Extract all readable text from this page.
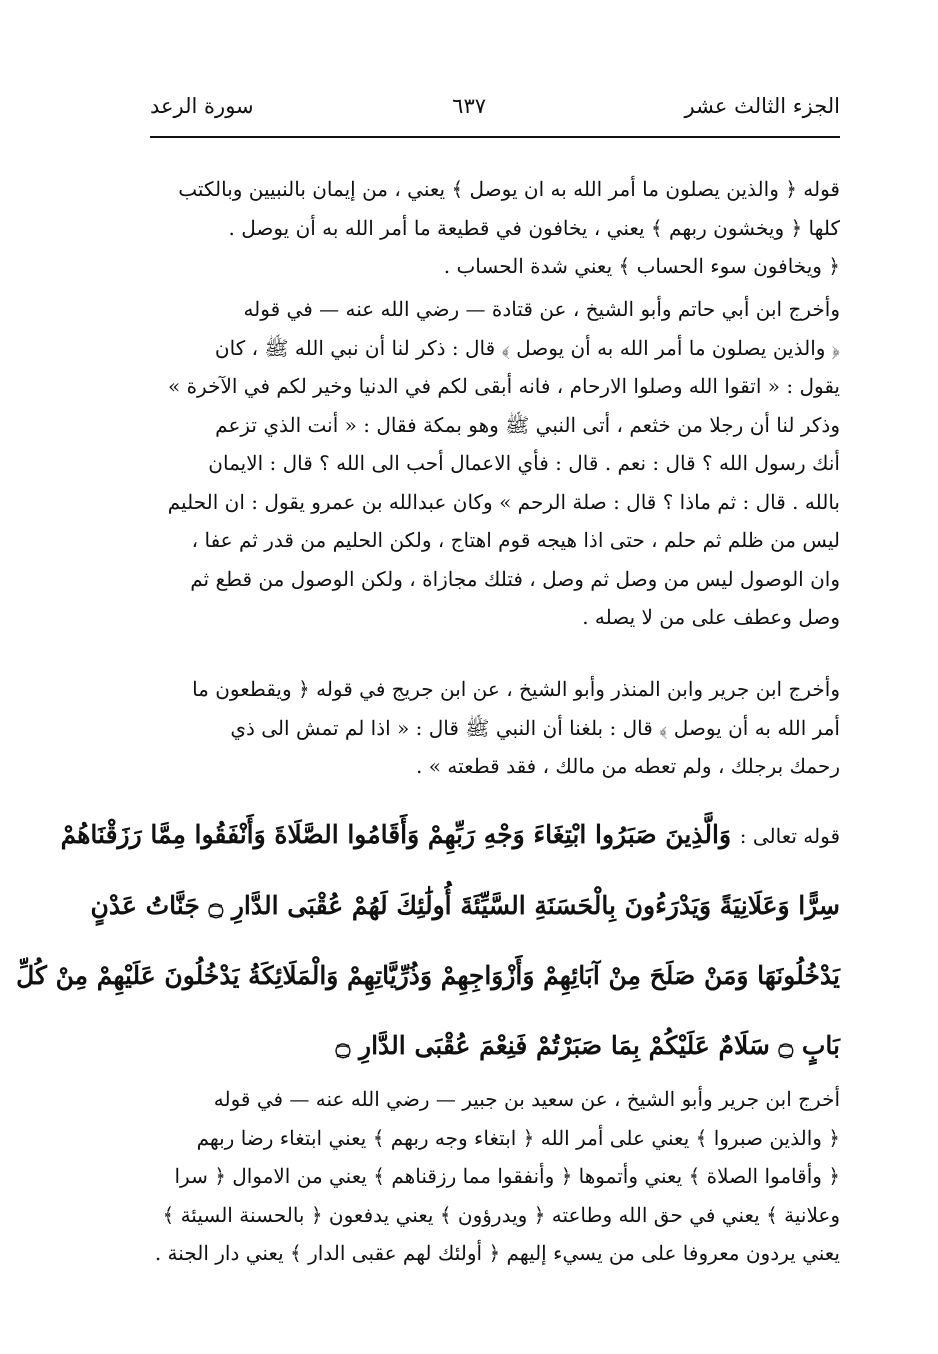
الجزء الثالث عشر
٦٣٧
سورة الرعد

قوله ﴿ والذين يصلون ما أمر الله به ان يوصل ﴾ يعني ، من إيمان بالنبيين وبالكتب
كلها ﴿ ويخشون ربهم ﴾ يعني ، يخافون في قطيعة ما أمر الله به أن يوصل .
﴿ ويخافون سوء الحساب ﴾ يعني شدة الحساب .

وأخرج ابن أبي حاتم وأبو الشيخ ، عن قتادة — رضي الله عنه — في قوله
﴿ والذين يصلون ما أمر الله به أن يوصل ﴾ قال : ذكر لنا أن نبي الله ﷺ ، كان
يقول : « اتقوا الله وصلوا الارحام ، فانه أبقى لكم في الدنيا وخير لكم في الآخرة »
وذكر لنا أن رجلا من خثعم ، أتى النبي ﷺ وهو بمكة فقال : « أنت الذي تزعم
أنك رسول الله ؟ قال : نعم . قال : فأي الاعمال أحب الى الله ؟ قال : الايمان
بالله . قال : ثم ماذا ؟ قال : صلة الرحم » وكان عبدالله بن عمرو يقول : ان الحليم
ليس من ظلم ثم حلم ، حتى اذا هيجه قوم اهتاج ، ولكن الحليم من قدر ثم عفا ،
وان الوصول ليس من وصل ثم وصل ، فتلك مجازاة ، ولكن الوصول من قطع ثم
وصل وعطف على من لا يصله .

وأخرج ابن جرير وابن المنذر وأبو الشيخ ، عن ابن جريج في قوله ﴿ ويقطعون ما
أمر الله به أن يوصل ﴾ قال : بلغنا أن النبي ﷺ قال : « اذا لم تمش الى ذي
رحمك برجلك ، ولم تعطه من مالك ، فقد قطعته » .

قوله تعالى : وَالَّذِينَ صَبَرُوا ابْتِغَاءَ وَجْهِ رَبِّهِمْ وَأَقَامُوا الصَّلَاةَ وَأَنْفَقُوا مِمَّا رَزَقْنَاهُمْ
سِرًّا وَعَلَانِيَةً وَيَدْرَءُونَ بِالْحَسَنَةِ السَّيِّئَةَ أُولَٰئِكَ لَهُمْ عُقْبَى الدَّارِ ۝ جَنَّاتُ عَدْنٍ
يَدْخُلُونَهَا وَمَنْ صَلَحَ مِنْ آبَائِهِمْ وَأَزْوَاجِهِمْ وَذُرِّيَّاتِهِمْ وَالْمَلَائِكَةُ يَدْخُلُونَ عَلَيْهِمْ مِنْ كُلِّ
بَابٍ ۝ سَلَامٌ عَلَيْكُمْ بِمَا صَبَرْتُمْ فَنِعْمَ عُقْبَى الدَّارِ ۝

أخرج ابن جرير وأبو الشيخ ، عن سعيد بن جبير — رضي الله عنه — في قوله
﴿ والذين صبروا ﴾ يعني على أمر الله ﴿ ابتغاء وجه ربهم ﴾ يعني ابتغاء رضا ربهم
﴿ وأقاموا الصلاة ﴾ يعني وأتموها ﴿ وأنفقوا مما رزقناهم ﴾ يعني من الاموال ﴿ سرا
وعلانية ﴾ يعني في حق الله وطاعته ﴿ ويدرؤون ﴾ يعني يدفعون ﴿ بالحسنة السيئة ﴾
يعني يردون معروفا على من يسيء إليهم ﴿ أولئك لهم عقبى الدار ﴾ يعني دار الجنة .
